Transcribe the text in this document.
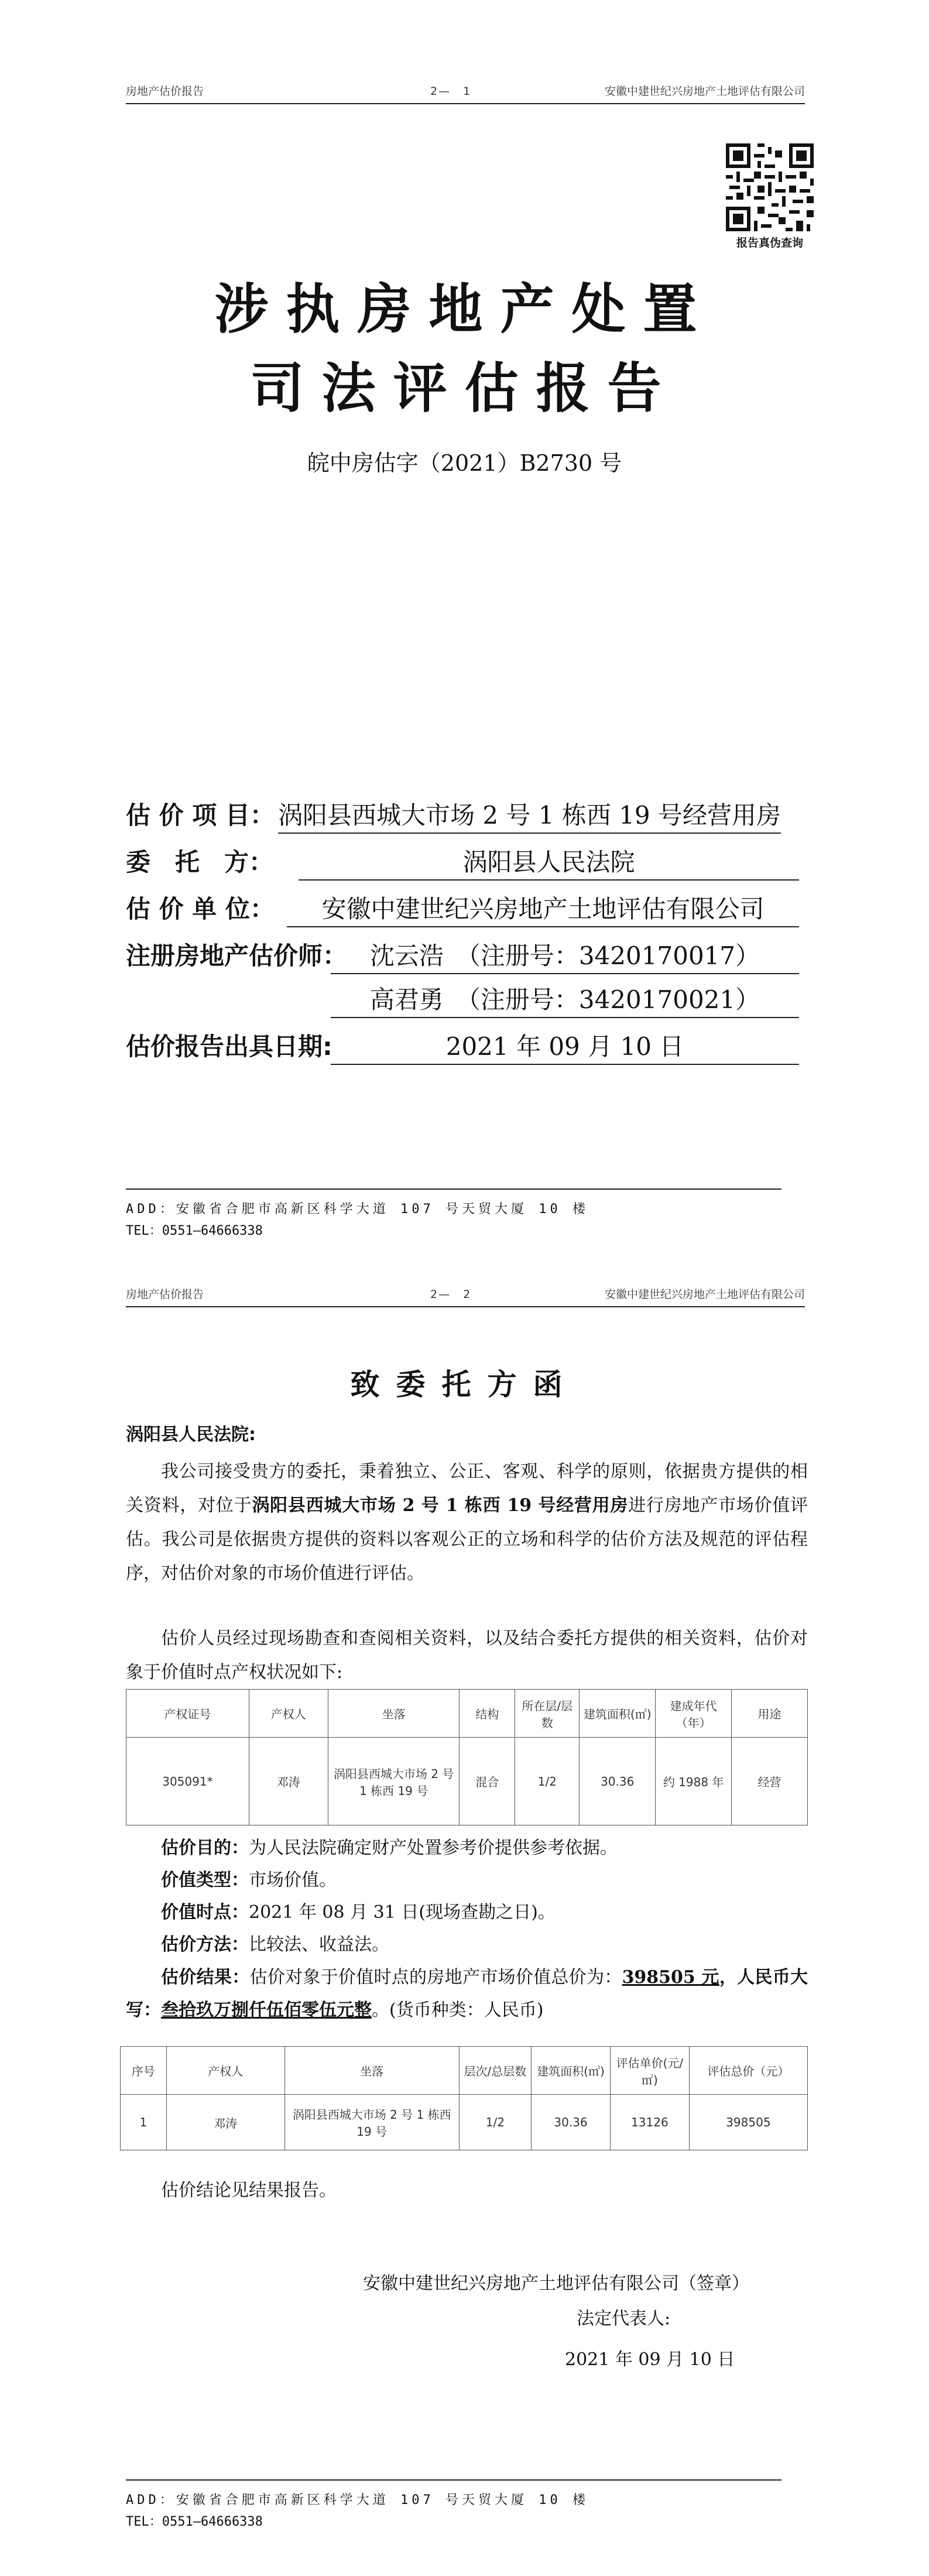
房地产估价报告	2—　1	安徽中建世纪兴房地产土地评估有限公司
报告真伪查询
涉执房地产处置
司法评估报告
皖中房估字（2021）B2730 号
估 价 项 目： 涡阳县西城大市场 2 号 1 栋西 19 号经营用房
委　托　方：	涡阳县人民法院
估 价 单 位：	安徽中建世纪兴房地产土地评估有限公司
注册房地产估价师： 沈云浩　（注册号：3420170017）
高君勇　（注册号：3420170021）
估价报告出具日期:	2021 年 09 月 10 日
ADD：安徽省合肥市高新区科学大道 107 号天贸大厦 10 楼
TEL：0551—64666338
房地产估价报告	2—　2	安徽中建世纪兴房地产土地评估有限公司
致委托方函
涡阳县人民法院:
我公司接受贵方的委托，秉着独立、公正、客观、科学的原则，依据贵方提供的相关资料，对位于涡阳县西城大市场 2 号 1 栋西 19 号经营用房进行房地产市场价值评估。我公司是依据贵方提供的资料以客观公正的立场和科学的估价方法及规范的评估程序，对估价对象的市场价值进行评估。
估价人员经过现场勘查和查阅相关资料，以及结合委托方提供的相关资料，估价对象于价值时点产权状况如下:
产权证号	产权人	坐落	结构	所在层/层数	建筑面积(㎡)	建成年代（年）	用途
305091*	邓涛	涡阳县西城大市场 2 号 1 栋西 19 号	混合	1/2	30.36	约 1988 年	经营
估价目的：为人民法院确定财产处置参考价提供参考依据。
价值类型：市场价值。
价值时点：2021 年 08 月 31 日(现场查勘之日)。
估价方法：比较法、收益法。
估价结果：估价对象于价值时点的房地产市场价值总价为：398505 元，人民币大写：叁拾玖万捌仟伍佰零伍元整。(货币种类：人民币)
序号	产权人	坐落	层次/总层数	建筑面积(㎡)	评估单价(元/㎡)	评估总价（元）
1	邓涛	涡阳县西城大市场 2 号 1 栋西 19 号	1/2	30.36	13126	398505
估价结论见结果报告。
安徽中建世纪兴房地产土地评估有限公司（签章）
法定代表人:
2021 年 09 月 10 日
ADD：安徽省合肥市高新区科学大道 107 号天贸大厦 10 楼
TEL：0551—64666338
